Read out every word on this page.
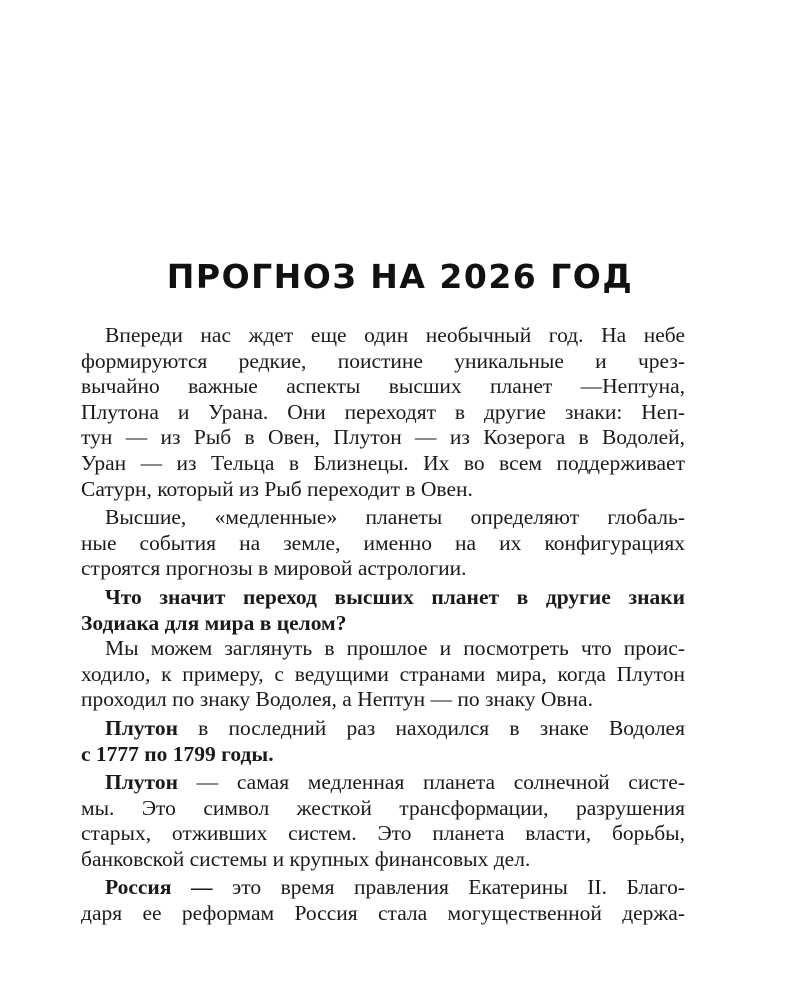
ПРОГНОЗ НА 2026 ГОД
Впереди нас ждет еще один необычный год. На небе
формируются редкие, поистине уникальные и чрез-
вычайно важные аспекты высших планет —Нептуна,
Плутона и Урана. Они переходят в другие знаки: Неп-
тун — из Рыб в Овен, Плутон — из Козерога в Водолей,
Уран — из Тельца в Близнецы. Их во всем поддерживает
Сатурн, который из Рыб переходит в Овен.
Высшие, «медленные» планеты определяют глобаль-
ные события на земле, именно на их конфигурациях
строятся прогнозы в мировой астрологии.
Что значит переход высших планет в другие знаки
Зодиака для мира в целом?
Мы можем заглянуть в прошлое и посмотреть что проис-
ходило, к примеру, с ведущими странами мира, когда Плутон
проходил по знаку Водолея, а Нептун — по знаку Овна.
Плутон в последний раз находился в знаке Водолея
с 1777 по 1799 годы.
Плутон — самая медленная планета солнечной систе-
мы. Это символ жесткой трансформации, разрушения
старых, отживших систем. Это планета власти, борьбы,
банковской системы и крупных финансовых дел.
Россия — это время правления Екатерины II. Благо-
даря ее реформам Россия стала могущественной держа-
